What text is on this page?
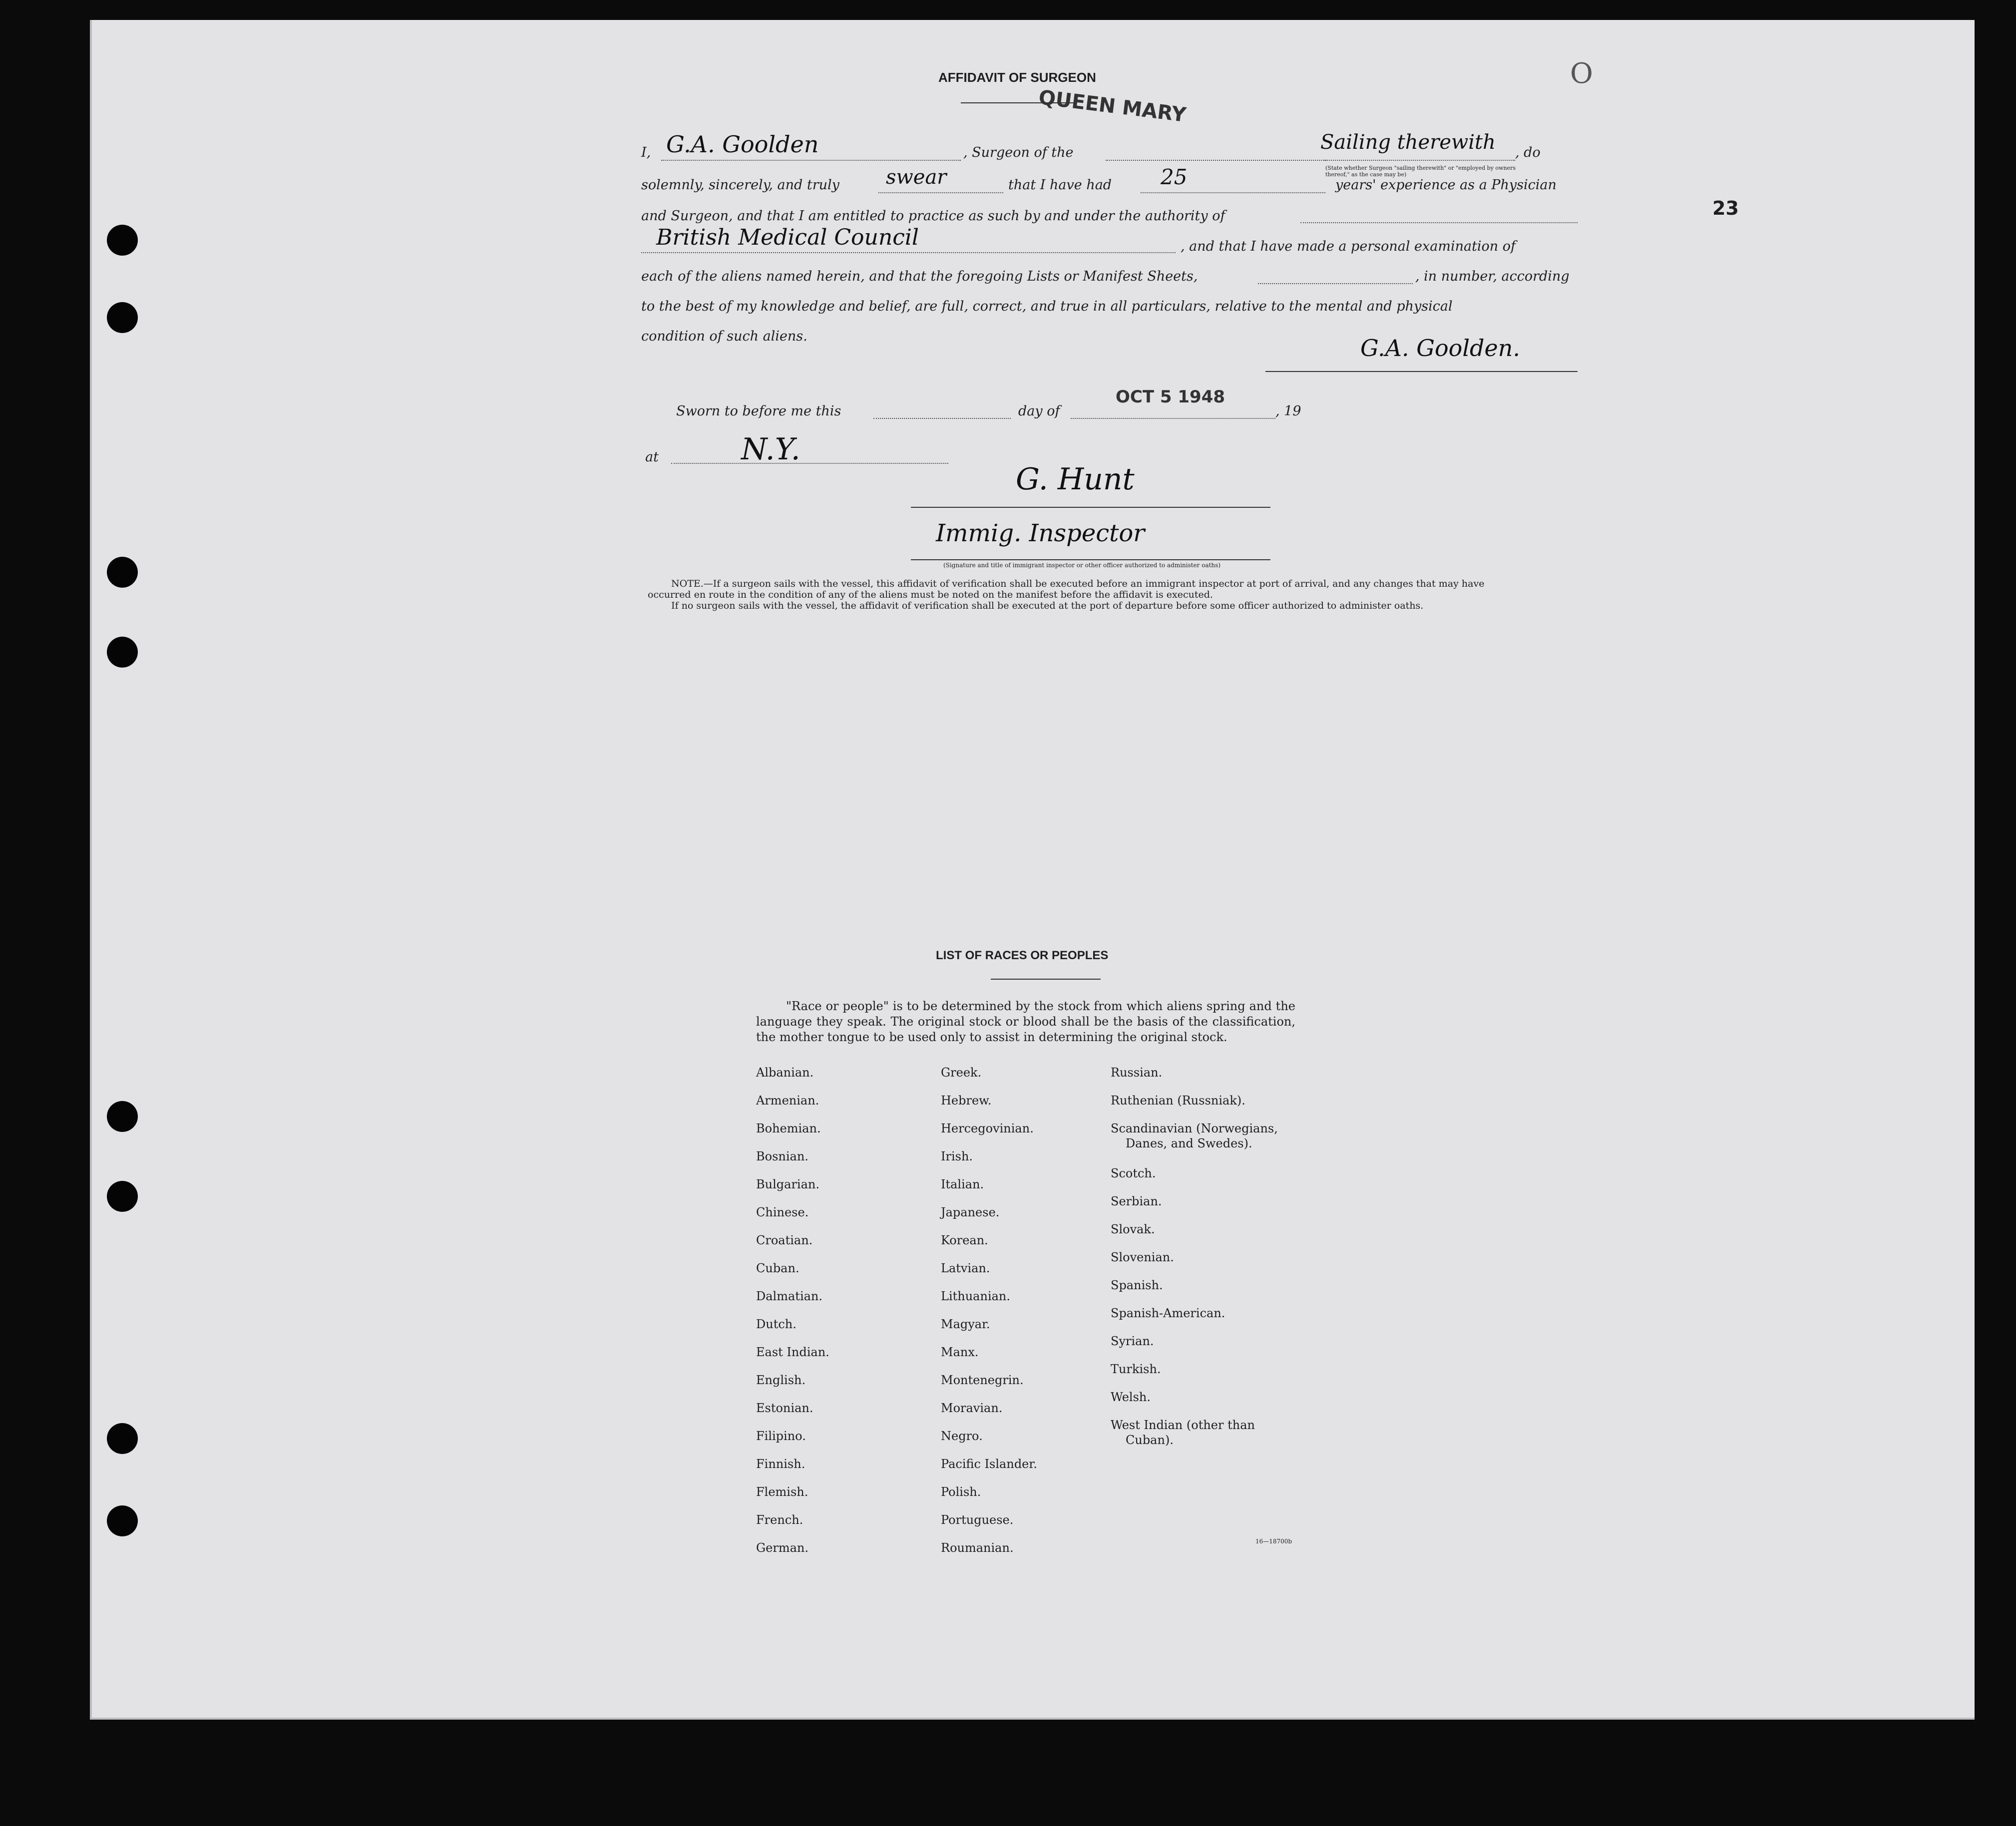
O
23
AFFIDAVIT OF SURGEON
QUEEN MARY
I, G.A. Goolden	, Surgeon of the	Sailing therewith , do
(State whether Surgeon "sailing therewith" or "employed by owners thereof," as the case may be)
solemnly, sincerely, and truly swear	that I have had 25	years' experience as a Physician
and Surgeon, and that I am entitled to practice as such by and under the authority of
British Medical Council	, and that I have made a personal examination of
each of the aliens named herein, and that the foregoing Lists or Manifest Sheets,	, in number, according
to the best of my knowledge and belief, are full, correct, and true in all particulars, relative to the mental and physical
condition of such aliens.	G.A. Goolden.
Sworn to before me this	day of
OCT 5 1948
, 19
at	N.Y.
G. Hunt
Immig. Inspector
(Signature and title of immigrant inspector or other officer authorized to administer oaths)
NOTE.—If a surgeon sails with the vessel, this affidavit of verification shall be executed before an immigrant inspector at port of arrival, and any changes that may have
occurred en route in the condition of any of the aliens must be noted on the manifest before the affidavit is executed.
If no surgeon sails with the vessel, the affidavit of verification shall be executed at the port of departure before some officer authorized to administer oaths.
LIST OF RACES OR PEOPLES
"Race or people" is to be determined by the stock from which aliens spring and the language they speak. The original stock or blood shall be the basis of the classification, the mother tongue to be used only to assist in determining the original stock.
Albanian.
Armenian.
Bohemian.
Bosnian.
Bulgarian.
Chinese.
Croatian.
Cuban.
Dalmatian.
Dutch.
East Indian.
English.
Estonian.
Filipino.
Finnish.
Flemish.
French.
German.
Greek.
Hebrew.
Hercegovinian.
Irish.
Italian.
Japanese.
Korean.
Latvian.
Lithuanian.
Magyar.
Manx.
Montenegrin.
Moravian.
Negro.
Pacific Islander.
Polish.
Portuguese.
Roumanian.
Russian.
Ruthenian (Russniak).
Scandinavian (Norwegians,
Danes, and Swedes).
Scotch.
Serbian.
Slovak.
Slovenian.
Spanish.
Spanish-American.
Syrian.
Turkish.
Welsh.
West Indian (other than
Cuban).
16—18700b
